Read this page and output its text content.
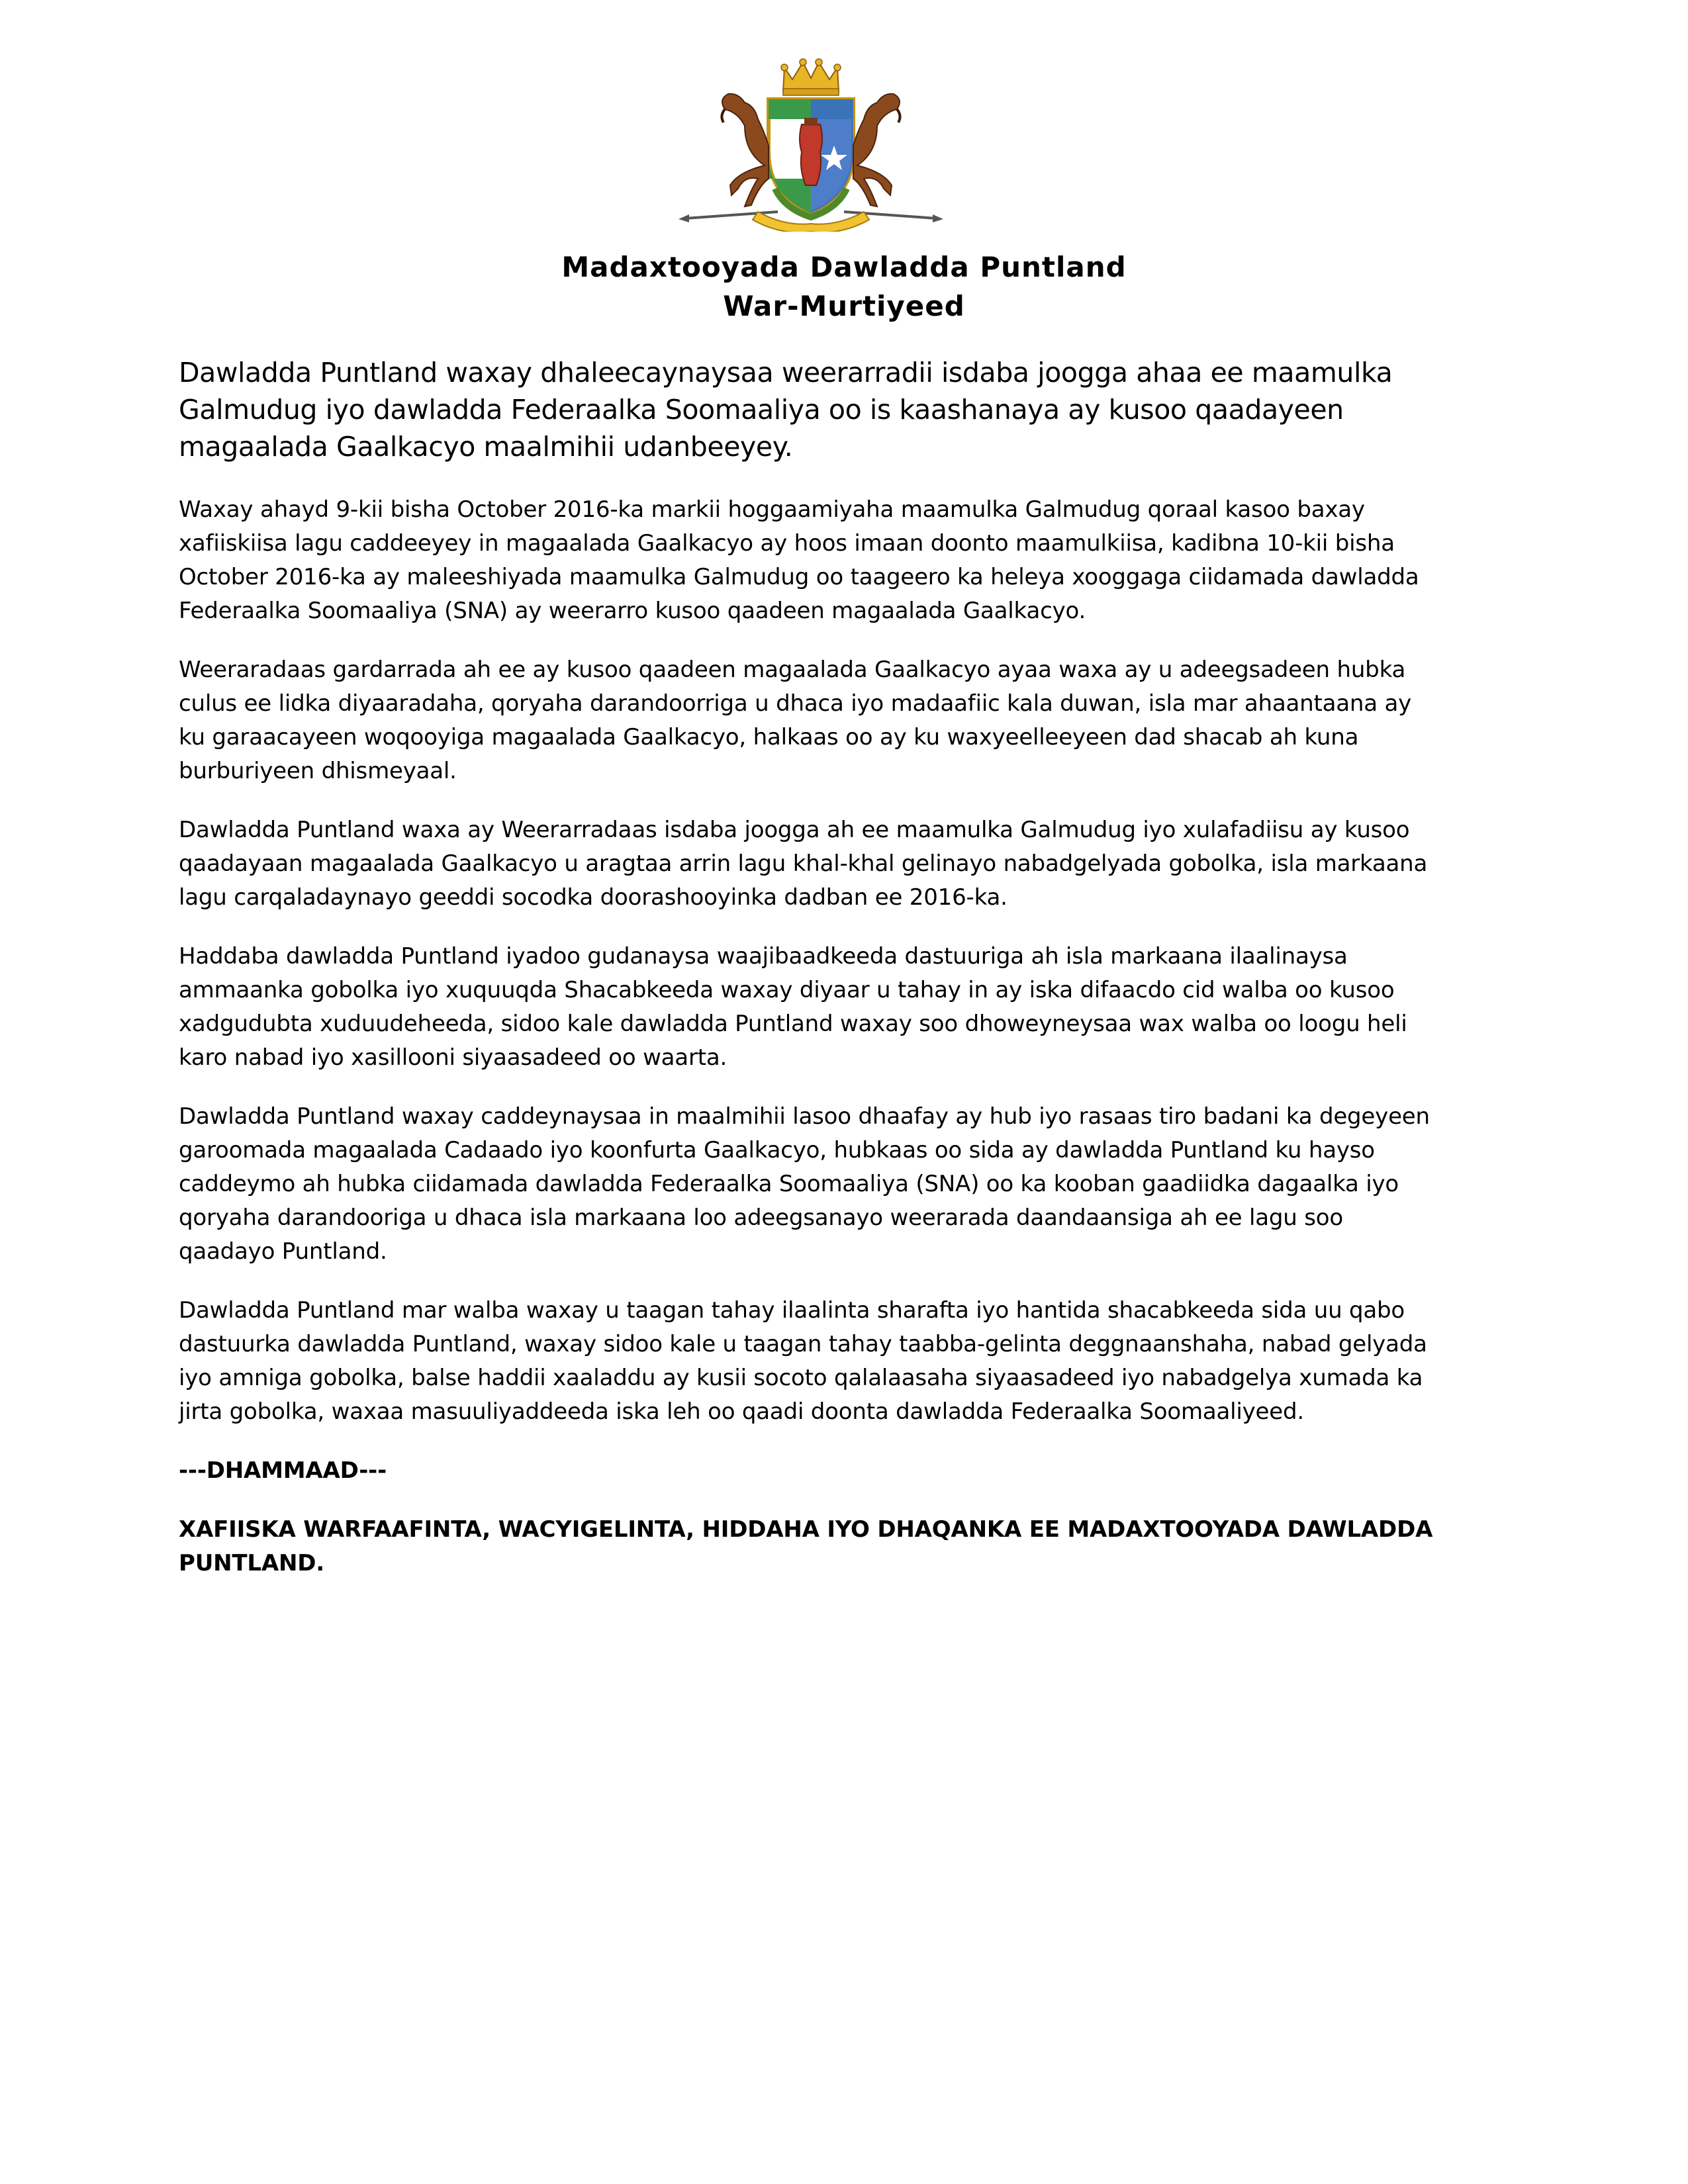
Madaxtooyada Dawladda Puntland
War-Murtiyeed
Dawladda Puntland waxay dhaleecaynaysaa weerarradii isdaba joogga ahaa ee maamulka Galmudug iyo dawladda Federaalka Soomaaliya oo is kaashanaya ay kusoo qaadayeen magaalada Gaalkacyo maalmihii udanbeeyey.

Waxay ahayd 9-kii bisha October 2016-ka markii hoggaamiyaha maamulka Galmudug qoraal kasoo baxay xafiiskiisa lagu caddeeyey in magaalada Gaalkacyo ay hoos imaan doonto maamulkiisa, kadibna 10-kii bisha October 2016-ka ay maleeshiyada maamulka Galmudug oo taageero ka heleya xooggaga ciidamada dawladda Federaalka Soomaaliya (SNA) ay weerarro kusoo qaadeen magaalada Gaalkacyo.

Weeraradaas gardarrada ah ee ay kusoo qaadeen magaalada Gaalkacyo ayaa waxa ay u adeegsadeen hubka culus ee lidka diyaaradaha, qoryaha darandoorriga u dhaca iyo madaafiic kala duwan, isla mar ahaantaana ay ku garaacayeen woqooyiga magaalada Gaalkacyo, halkaas oo ay ku waxyeelleeyeen dad shacab ah kuna burburiyeen dhismeyaal.

Dawladda Puntland waxa ay Weerarradaas isdaba joogga ah ee maamulka Galmudug iyo xulafadiisu ay kusoo qaadayaan magaalada Gaalkacyo u aragtaa arrin lagu khal-khal gelinayo nabadgelyada gobolka, isla markaana lagu carqaladaynayo geeddi socodka doorashooyinka dadban ee 2016-ka.

Haddaba dawladda Puntland iyadoo gudanaysa waajibaadkeeda dastuuriga ah isla markaana ilaalinaysa ammaanka gobolka iyo xuquuqda Shacabkeeda waxay diyaar u tahay in ay iska difaacdo cid walba oo kusoo xadgudubta xuduudeheeda, sidoo kale dawladda Puntland waxay soo dhoweyneysaa wax walba oo loogu heli karo nabad iyo xasillooni siyaasadeed oo waarta.

Dawladda Puntland waxay caddeynaysaa in maalmihii lasoo dhaafay ay hub iyo rasaas tiro badani ka degeyeen garoomada magaalada Cadaado iyo koonfurta Gaalkacyo, hubkaas oo sida ay dawladda Puntland ku hayso caddeymo ah hubka ciidamada dawladda Federaalka Soomaaliya (SNA) oo ka kooban gaadiidka dagaalka iyo qoryaha darandooriga u dhaca isla markaana loo adeegsanayo weerarada daandaansiga ah ee lagu soo qaadayo Puntland.

Dawladda Puntland mar walba waxay u taagan tahay ilaalinta sharafta iyo hantida shacabkeeda sida uu qabo dastuurka dawladda Puntland, waxay sidoo kale u taagan tahay taabba-gelinta deggnaanshaha, nabad gelyada iyo amniga gobolka, balse haddii xaaladdu ay kusii socoto qalalaasaha siyaasadeed iyo nabadgelya xumada ka jirta gobolka, waxaa masuuliyaddeeda iska leh oo qaadi doonta dawladda Federaalka Soomaaliyeed.

---DHAMMAAD---
XAFIISKA WARFAAFINTA, WACYIGELINTA, HIDDAHA IYO DHAQANKA EE MADAXTOOYADA DAWLADDA PUNTLAND.
